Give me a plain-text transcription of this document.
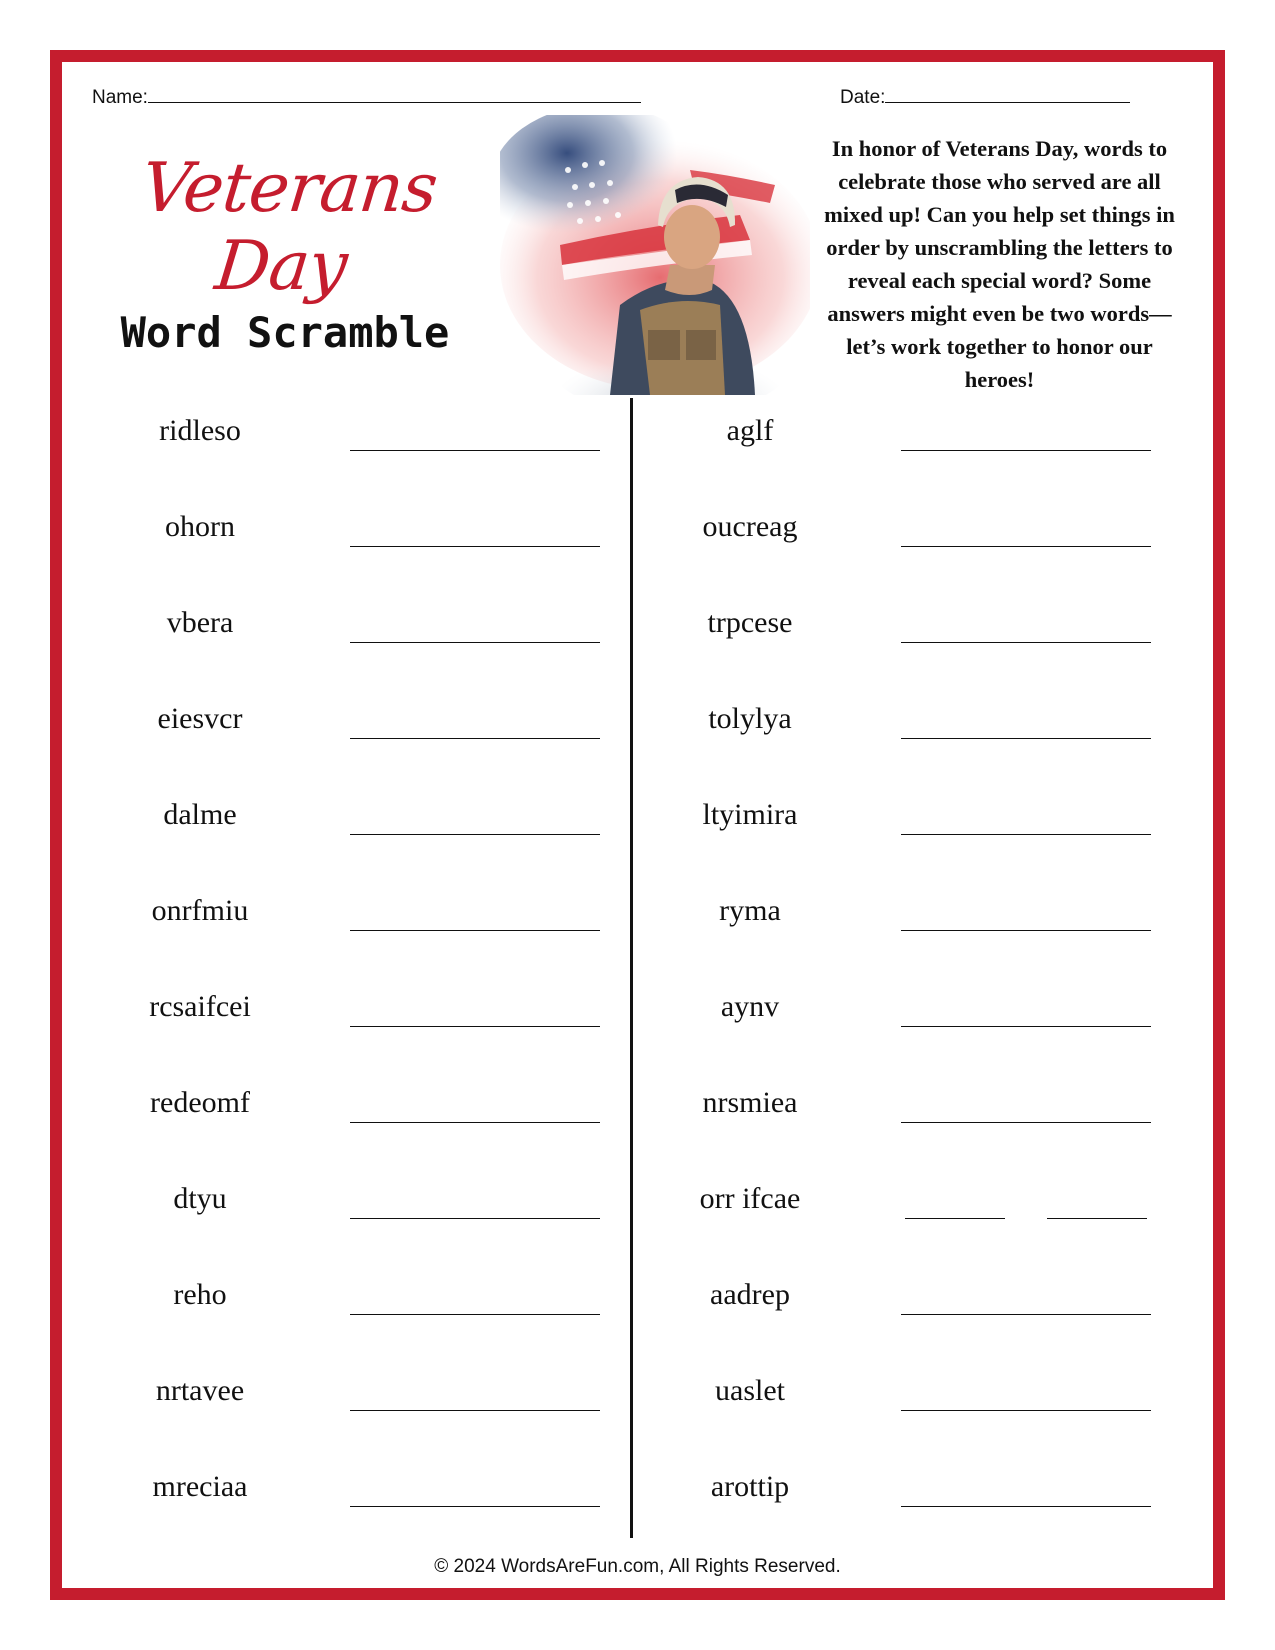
Name:	Date:
Veterans Day
Word Scramble
In honor of Veterans Day, words to celebrate those who served are all mixed up! Can you help set things in order by unscrambling the letters to reveal each special word? Some answers might even be two words—let’s work together to honor our heroes!
ridleso
ohorn
vbera
eiesvcr
dalme
onrfmiu
rcsaifcei
redeomf
dtyu
reho
nrtavee
mreciaa
aglf
oucreag
trpcese
tolylya
ltyimira
ryma
aynv
nrsmiea
orr ifcae
aadrep
uaslet
arottip
© 2024 WordsAreFun.com, All Rights Reserved.
